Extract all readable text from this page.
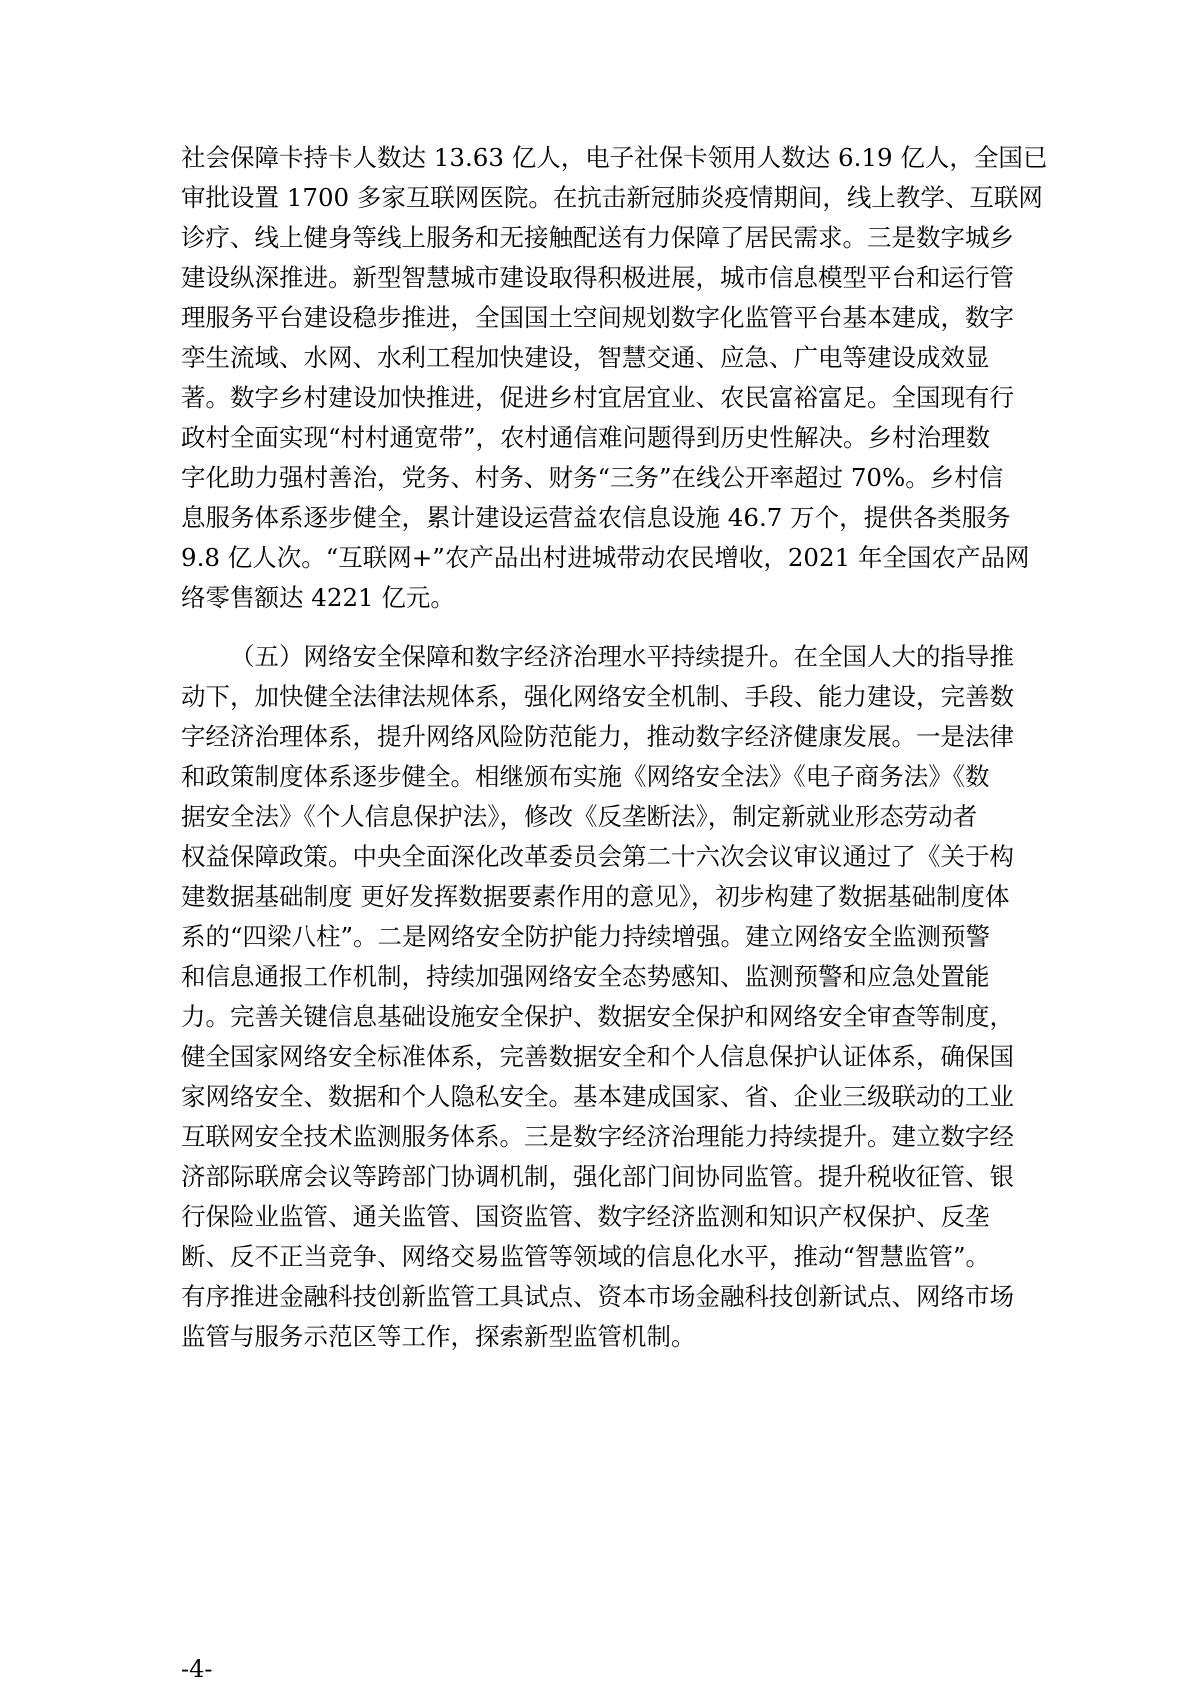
社会保障卡持卡人数达 13.63 亿人，电子社保卡领用人数达 6.19 亿人，全国已
审批设置 1700 多家互联网医院。在抗击新冠肺炎疫情期间，线上教学、互联网
诊疗、线上健身等线上服务和无接触配送有力保障了居民需求。三是数字城乡
建设纵深推进。新型智慧城市建设取得积极进展，城市信息模型平台和运行管
理服务平台建设稳步推进，全国国土空间规划数字化监管平台基本建成，数字
孪生流域、水网、水利工程加快建设，智慧交通、应急、广电等建设成效显
著。数字乡村建设加快推进，促进乡村宜居宜业、农民富裕富足。全国现有行
政村全面实现“村村通宽带”，农村通信难问题得到历史性解决。乡村治理数
字化助力强村善治，党务、村务、财务“三务”在线公开率超过 70%。乡村信
息服务体系逐步健全，累计建设运营益农信息设施 46.7 万个，提供各类服务
9.8 亿人次。“互联网+”农产品出村进城带动农民增收，2021 年全国农产品网
络零售额达 4221 亿元。
（五）网络安全保障和数字经济治理水平持续提升。在全国人大的指导推
动下，加快健全法律法规体系，强化网络安全机制、手段、能力建设，完善数
字经济治理体系，提升网络风险防范能力，推动数字经济健康发展。一是法律
和政策制度体系逐步健全。相继颁布实施《网络安全法》《电子商务法》《数
据安全法》《个人信息保护法》，修改《反垄断法》，制定新就业形态劳动者
权益保障政策。中央全面深化改革委员会第二十六次会议审议通过了《关于构
建数据基础制度 更好发挥数据要素作用的意见》，初步构建了数据基础制度体
系的“四梁八柱”。二是网络安全防护能力持续增强。建立网络安全监测预警
和信息通报工作机制，持续加强网络安全态势感知、监测预警和应急处置能
力。完善关键信息基础设施安全保护、数据安全保护和网络安全审查等制度，
健全国家网络安全标准体系，完善数据安全和个人信息保护认证体系，确保国
家网络安全、数据和个人隐私安全。基本建成国家、省、企业三级联动的工业
互联网安全技术监测服务体系。三是数字经济治理能力持续提升。建立数字经
济部际联席会议等跨部门协调机制，强化部门间协同监管。提升税收征管、银
行保险业监管、通关监管、国资监管、数字经济监测和知识产权保护、反垄
断、反不正当竞争、网络交易监管等领域的信息化水平，推动“智慧监管”。
有序推进金融科技创新监管工具试点、资本市场金融科技创新试点、网络市场
监管与服务示范区等工作，探索新型监管机制。
-4-
